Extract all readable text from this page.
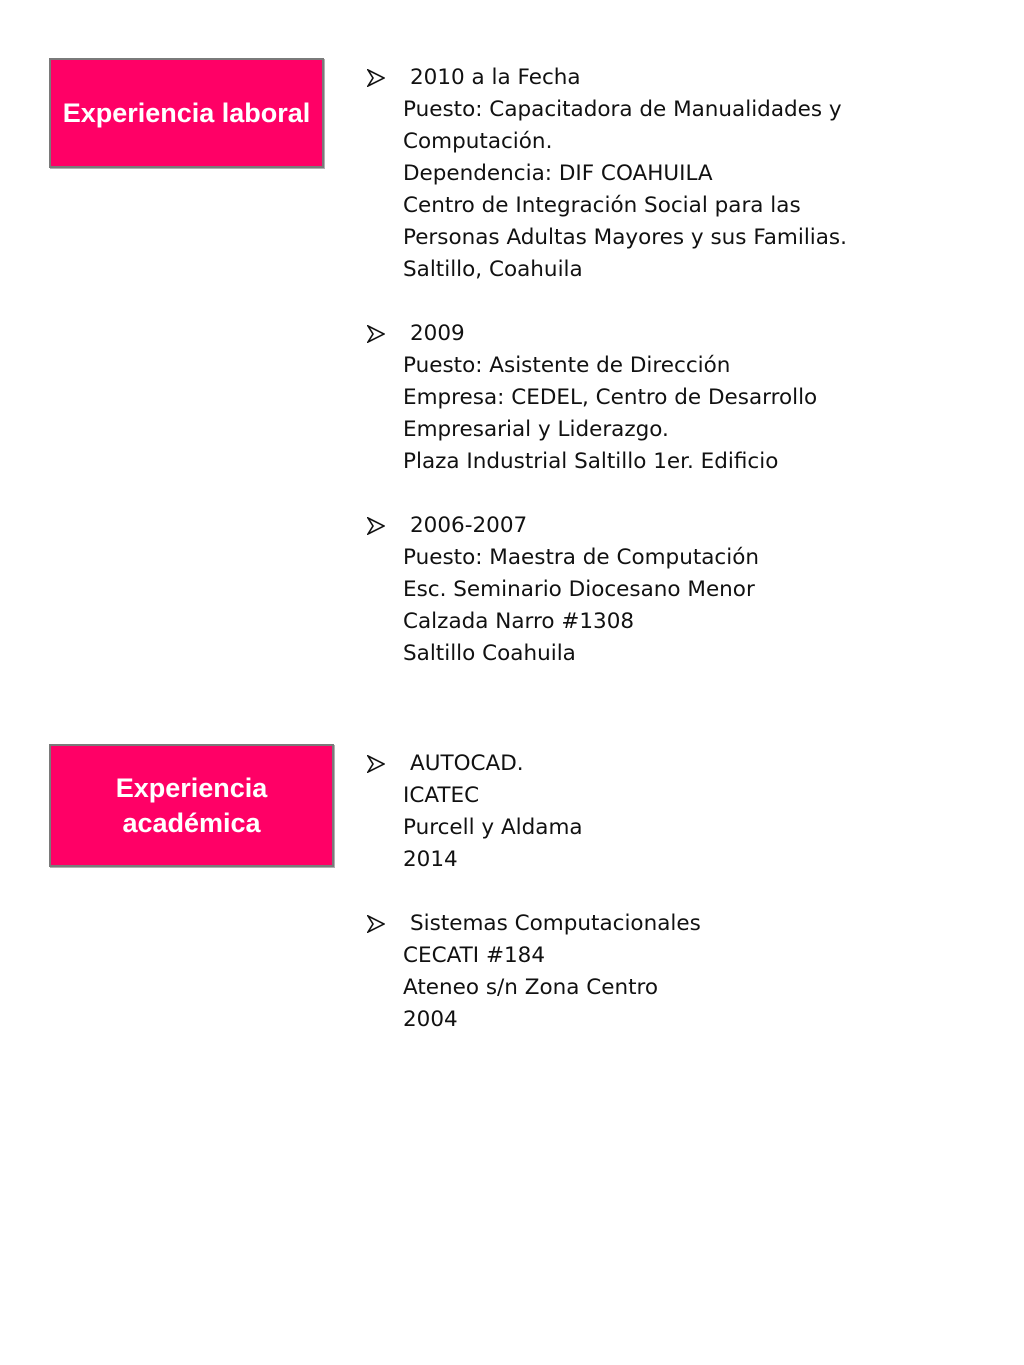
Experiencia laboral
2010 a la Fecha
Puesto: Capacitadora de Manualidades y
Computación.
Dependencia: DIF COAHUILA
Centro de Integración Social para las
Personas Adultas Mayores y sus Familias.
Saltillo, Coahuila
2009
Puesto: Asistente de Dirección
Empresa: CEDEL, Centro de Desarrollo
Empresarial y Liderazgo.
Plaza Industrial Saltillo 1er. Edificio
2006-2007
Puesto: Maestra de Computación
Esc. Seminario Diocesano Menor
Calzada Narro #1308
Saltillo Coahuila
Experiencia
académica
AUTOCAD.
ICATEC
Purcell y Aldama
2014
Sistemas Computacionales
CECATI #184
Ateneo s/n Zona Centro
2004
